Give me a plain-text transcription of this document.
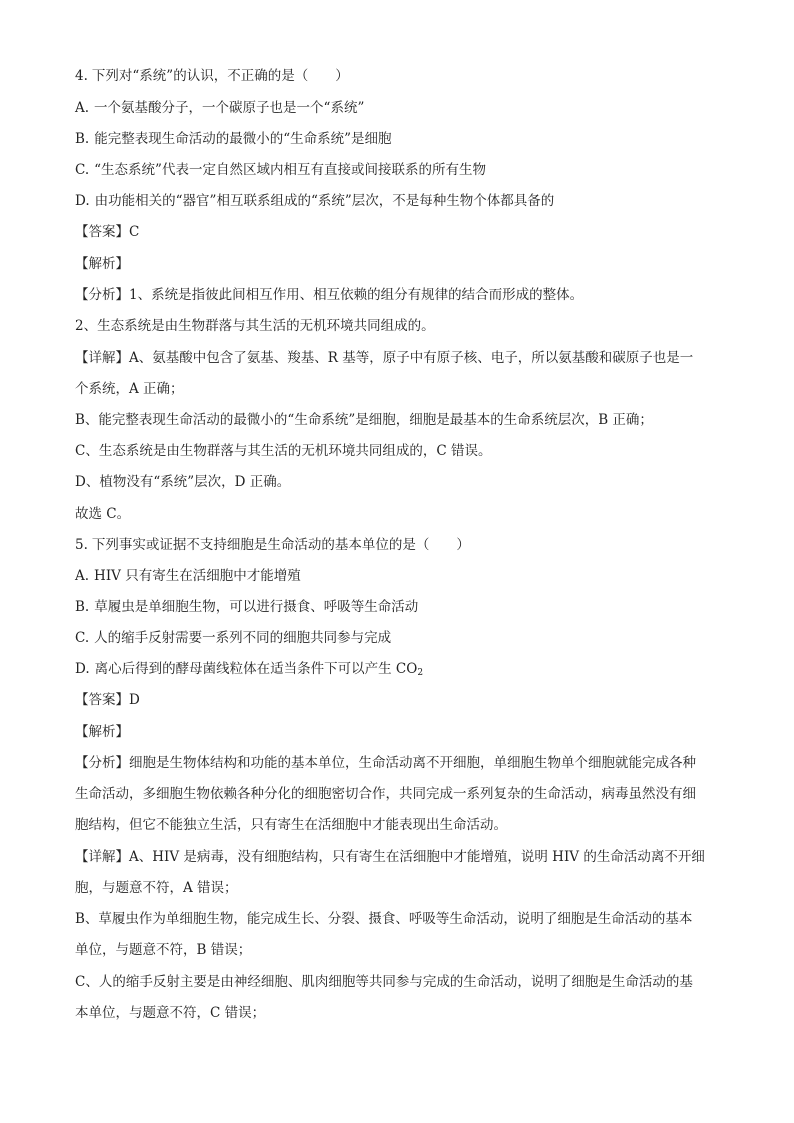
4. 下列对“系统”的认识，不正确的是（　　）
A. 一个氨基酸分子，一个碳原子也是一个“系统”
B. 能完整表现生命活动的最微小的“生命系统”是细胞
C. “生态系统”代表一定自然区域内相互有直接或间接联系的所有生物
D. 由功能相关的“器官”相互联系组成的“系统”层次，不是每种生物个体都具备的
【答案】C
【解析】
【分析】1、系统是指彼此间相互作用、相互依赖的组分有规律的结合而形成的整体。
2、生态系统是由生物群落与其生活的无机环境共同组成的。
【详解】A、氨基酸中包含了氨基、羧基、R 基等，原子中有原子核、电子，所以氨基酸和碳原子也是一
个系统，A 正确；
B、能完整表现生命活动的最微小的“生命系统”是细胞，细胞是最基本的生命系统层次，B 正确；
C、生态系统是由生物群落与其生活的无机环境共同组成的，C 错误。
D、植物没有“系统”层次，D 正确。
故选 C。
5. 下列事实或证据不支持细胞是生命活动的基本单位的是（　　）
A. HIV 只有寄生在活细胞中才能增殖
B. 草履虫是单细胞生物，可以进行摄食、呼吸等生命活动
C. 人的缩手反射需要一系列不同的细胞共同参与完成
D. 离心后得到的酵母菌线粒体在适当条件下可以产生 $CO_2$
【答案】D
【解析】
【分析】细胞是生物体结构和功能的基本单位，生命活动离不开细胞，单细胞生物单个细胞就能完成各种
生命活动，多细胞生物依赖各种分化的细胞密切合作，共同完成一系列复杂的生命活动，病毒虽然没有细
胞结构，但它不能独立生活，只有寄生在活细胞中才能表现出生命活动。
【详解】A、HIV 是病毒，没有细胞结构，只有寄生在活细胞中才能增殖，说明 HIV 的生命活动离不开细
胞，与题意不符，A 错误；
B、草履虫作为单细胞生物，能完成生长、分裂、摄食、呼吸等生命活动，说明了细胞是生命活动的基本
单位，与题意不符，B 错误；
C、人的缩手反射主要是由神经细胞、肌肉细胞等共同参与完成的生命活动，说明了细胞是生命活动的基
本单位，与题意不符，C 错误；
